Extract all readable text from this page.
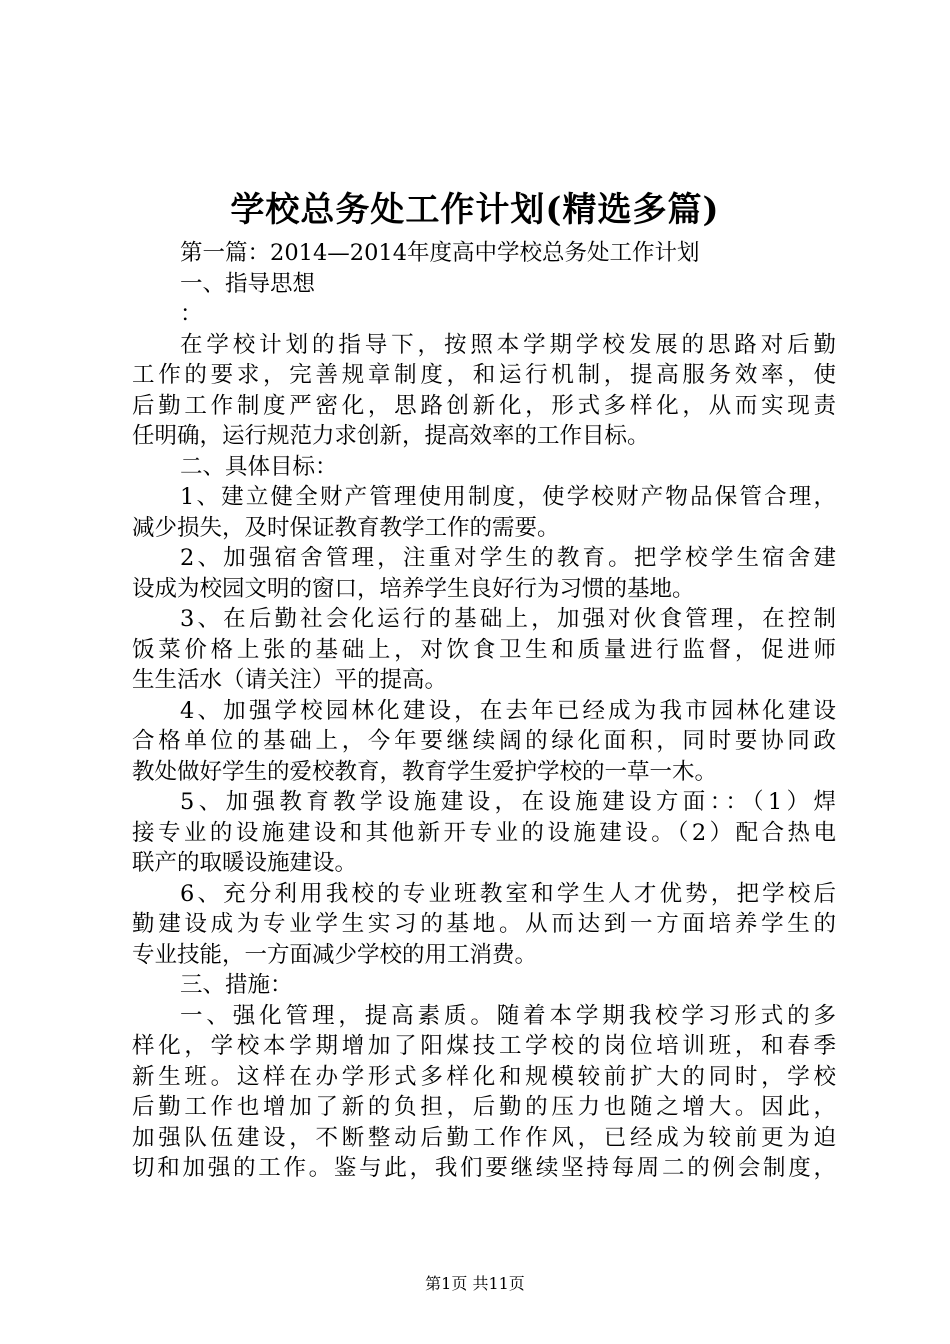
学校总务处工作计划(精选多篇)
第一篇：2014—2014年度高中学校总务处工作计划
一、指导思想
：
在学校计划的指导下，按照本学期学校发展的思路对后勤
工作的要求，完善规章制度，和运行机制，提高服务效率，使
后勤工作制度严密化，思路创新化，形式多样化，从而实现责
任明确，运行规范力求创新，提高效率的工作目标。
二、具体目标：
1、建立健全财产管理使用制度，使学校财产物品保管合理，
减少损失，及时保证教育教学工作的需要。
2、加强宿舍管理，注重对学生的教育。把学校学生宿舍建
设成为校园文明的窗口，培养学生良好行为习惯的基地。
3、在后勤社会化运行的基础上，加强对伙食管理，在控制
饭菜价格上张的基础上，对饮食卫生和质量进行监督，促进师
生生活水（请关注）平的提高。
4、加强学校园林化建设，在去年已经成为我市园林化建设
合格单位的基础上，今年要继续阔的绿化面积，同时要协同政
教处做好学生的爱校教育，教育学生爱护学校的一草一木。
5、加强教育教学设施建设，在设施建设方面：：（1）焊
接专业的设施建设和其他新开专业的设施建设。（2）配合热电
联产的取暖设施建设。
6、充分利用我校的专业班教室和学生人才优势，把学校后
勤建设成为专业学生实习的基地。从而达到一方面培养学生的
专业技能，一方面减少学校的用工消费。
三、措施：
一、强化管理，提高素质。随着本学期我校学习形式的多
样化，学校本学期增加了阳煤技工学校的岗位培训班，和春季
新生班。这样在办学形式多样化和规模较前扩大的同时，学校
后勤工作也增加了新的负担，后勤的压力也随之增大。因此，
加强队伍建设，不断整动后勤工作作风，已经成为较前更为迫
切和加强的工作。鉴与此，我们要继续坚持每周二的例会制度，
第1页 共11页
